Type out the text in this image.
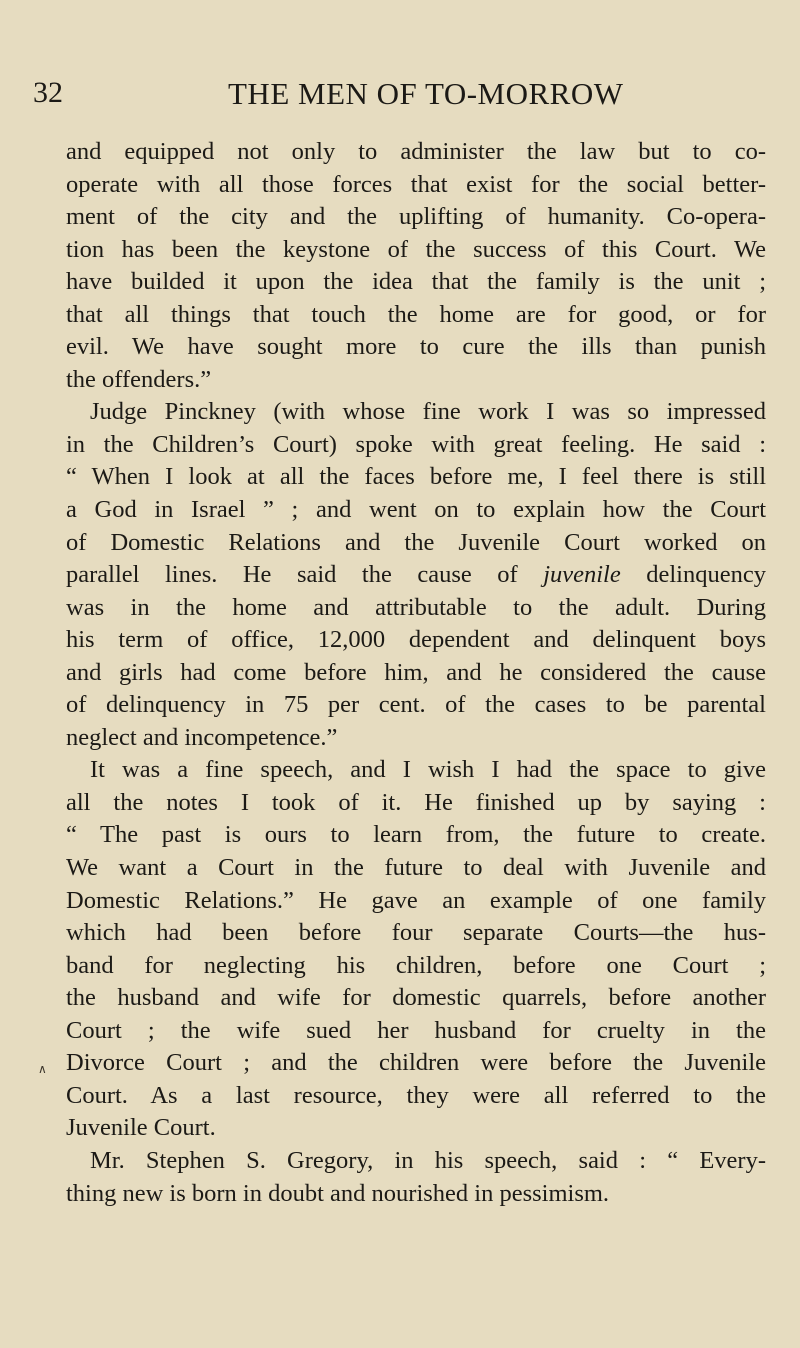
32	THE MEN OF TO-MORROW
and equipped not only to administer the law but to co-
operate with all those forces that exist for the social better-
ment of the city and the uplifting of humanity. Co-opera-
tion has been the keystone of the success of this Court. We
have builded it upon the idea that the family is the unit ;
that all things that touch the home are for good, or for
evil. We have sought more to cure the ills than punish
the offenders.”
Judge Pinckney (with whose fine work I was so impressed
in the Children’s Court) spoke with great feeling. He said :
“ When I look at all the faces before me, I feel there is still
a God in Israel ” ; and went on to explain how the Court
of Domestic Relations and the Juvenile Court worked on
parallel lines. He said the cause of juvenile delinquency
was in the home and attributable to the adult. During
his term of office, 12,000 dependent and delinquent boys
and girls had come before him, and he considered the cause
of delinquency in 75 per cent. of the cases to be parental
neglect and incompetence.”
It was a fine speech, and I wish I had the space to give
all the notes I took of it. He finished up by saying :
“ The past is ours to learn from, the future to create.
We want a Court in the future to deal with Juvenile and
Domestic Relations.” He gave an example of one family
which had been before four separate Courts—the hus-
band for neglecting his children, before one Court ;
the husband and wife for domestic quarrels, before another
Court ; the wife sued her husband for cruelty in the
Divorce Court ; and the children were before the Juvenile
Court. As a last resource, they were all referred to the
Juvenile Court.
Mr. Stephen S. Gregory, in his speech, said : “ Every-
thing new is born in doubt and nourished in pessimism.
∧
